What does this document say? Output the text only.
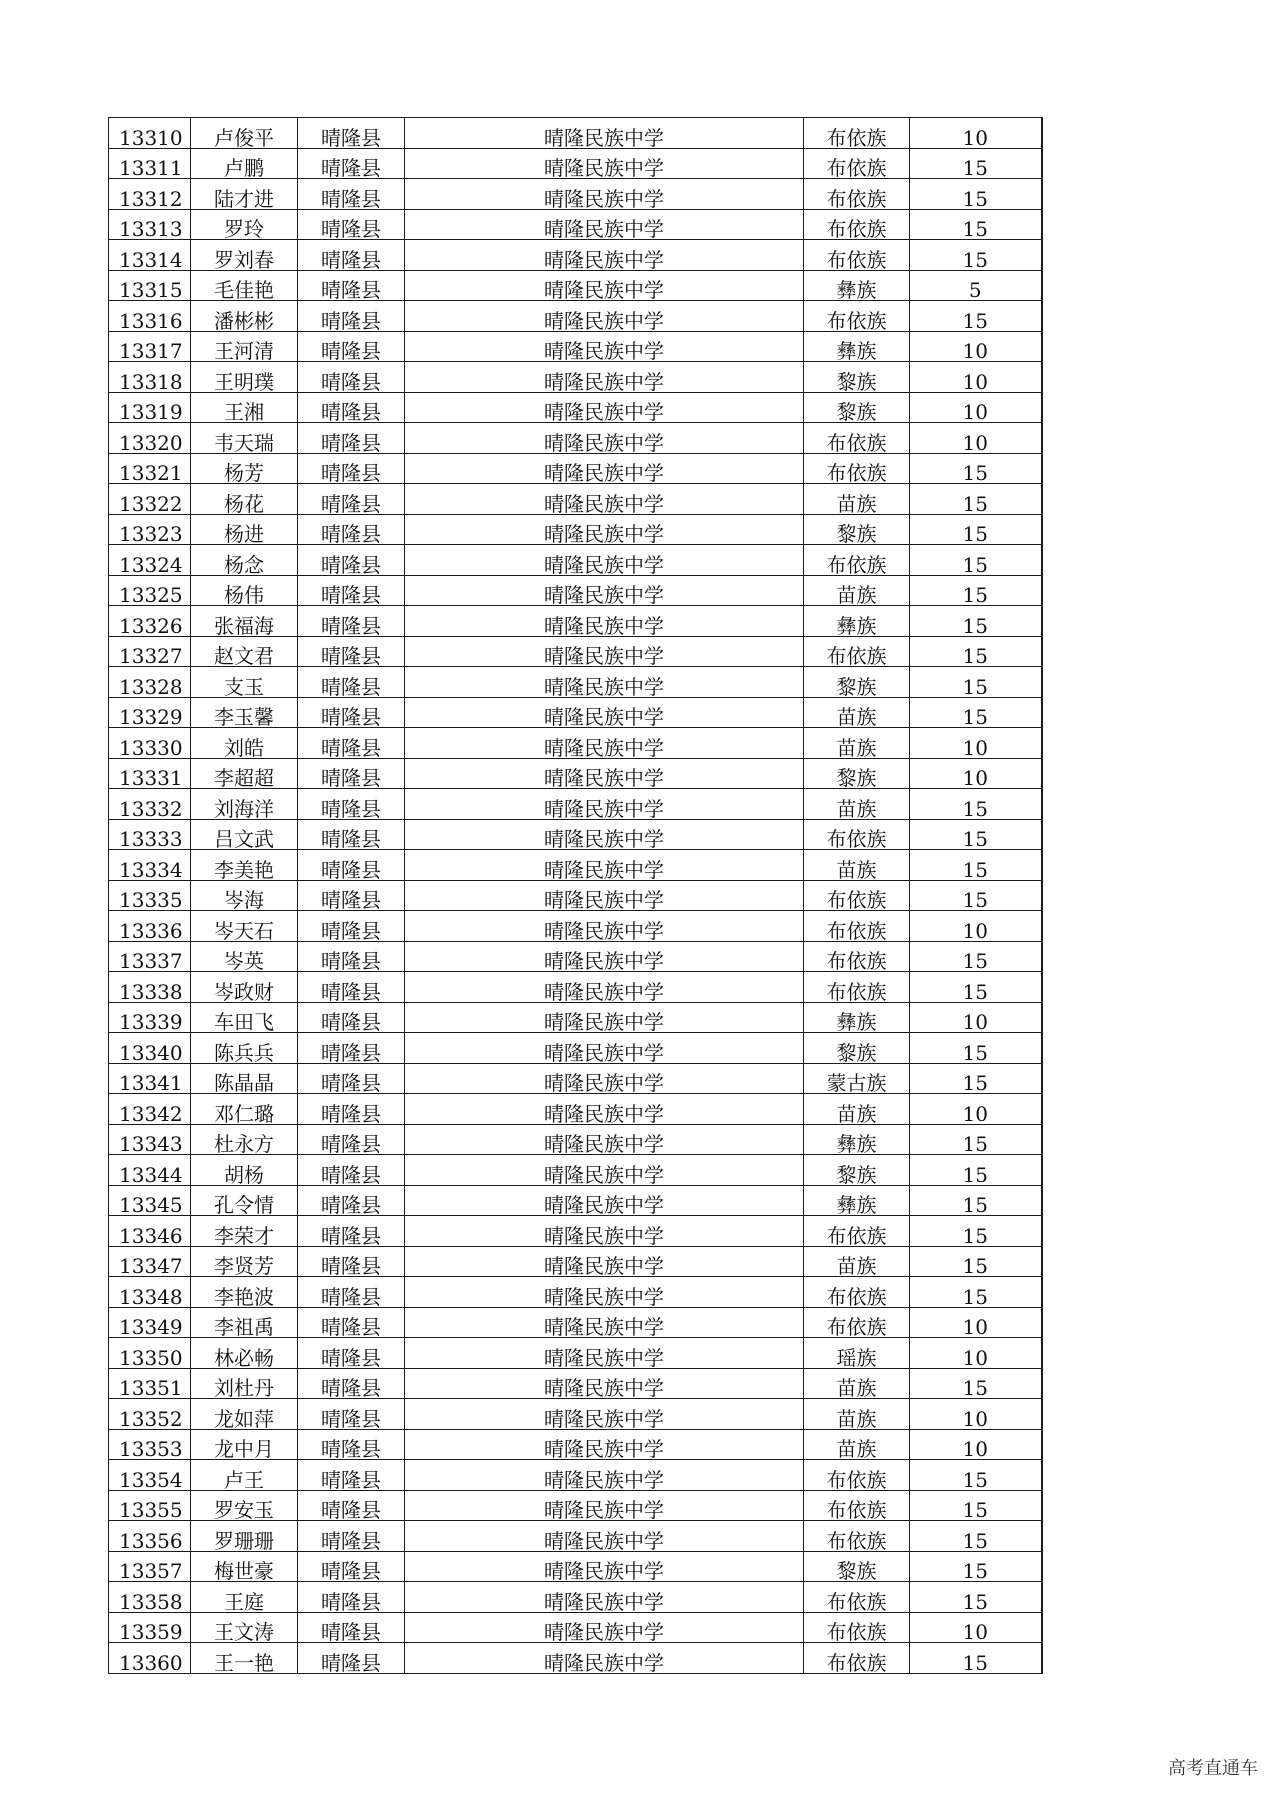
13310	卢俊平	晴隆县	晴隆民族中学	布依族	10
13311	卢鹏	晴隆县	晴隆民族中学	布依族	15
13312	陆才进	晴隆县	晴隆民族中学	布依族	15
13313	罗玲	晴隆县	晴隆民族中学	布依族	15
13314	罗刘春	晴隆县	晴隆民族中学	布依族	15
13315	毛佳艳	晴隆县	晴隆民族中学	彝族	5
13316	潘彬彬	晴隆县	晴隆民族中学	布依族	15
13317	王河清	晴隆县	晴隆民族中学	彝族	10
13318	王明璞	晴隆县	晴隆民族中学	黎族	10
13319	王湘	晴隆县	晴隆民族中学	黎族	10
13320	韦天瑞	晴隆县	晴隆民族中学	布依族	10
13321	杨芳	晴隆县	晴隆民族中学	布依族	15
13322	杨花	晴隆县	晴隆民族中学	苗族	15
13323	杨进	晴隆县	晴隆民族中学	黎族	15
13324	杨念	晴隆县	晴隆民族中学	布依族	15
13325	杨伟	晴隆县	晴隆民族中学	苗族	15
13326	张福海	晴隆县	晴隆民族中学	彝族	15
13327	赵文君	晴隆县	晴隆民族中学	布依族	15
13328	支玉	晴隆县	晴隆民族中学	黎族	15
13329	李玉馨	晴隆县	晴隆民族中学	苗族	15
13330	刘皓	晴隆县	晴隆民族中学	苗族	10
13331	李超超	晴隆县	晴隆民族中学	黎族	10
13332	刘海洋	晴隆县	晴隆民族中学	苗族	15
13333	吕文武	晴隆县	晴隆民族中学	布依族	15
13334	李美艳	晴隆县	晴隆民族中学	苗族	15
13335	岑海	晴隆县	晴隆民族中学	布依族	15
13336	岑天石	晴隆县	晴隆民族中学	布依族	10
13337	岑英	晴隆县	晴隆民族中学	布依族	15
13338	岑政财	晴隆县	晴隆民族中学	布依族	15
13339	车田飞	晴隆县	晴隆民族中学	彝族	10
13340	陈兵兵	晴隆县	晴隆民族中学	黎族	15
13341	陈晶晶	晴隆县	晴隆民族中学	蒙古族	15
13342	邓仁璐	晴隆县	晴隆民族中学	苗族	10
13343	杜永方	晴隆县	晴隆民族中学	彝族	15
13344	胡杨	晴隆县	晴隆民族中学	黎族	15
13345	孔令情	晴隆县	晴隆民族中学	彝族	15
13346	李荣才	晴隆县	晴隆民族中学	布依族	15
13347	李贤芳	晴隆县	晴隆民族中学	苗族	15
13348	李艳波	晴隆县	晴隆民族中学	布依族	15
13349	李祖禹	晴隆县	晴隆民族中学	布依族	10
13350	林必畅	晴隆县	晴隆民族中学	瑶族	10
13351	刘杜丹	晴隆县	晴隆民族中学	苗族	15
13352	龙如萍	晴隆县	晴隆民族中学	苗族	10
13353	龙中月	晴隆县	晴隆民族中学	苗族	10
13354	卢王	晴隆县	晴隆民族中学	布依族	15
13355	罗安玉	晴隆县	晴隆民族中学	布依族	15
13356	罗珊珊	晴隆县	晴隆民族中学	布依族	15
13357	梅世豪	晴隆县	晴隆民族中学	黎族	15
13358	王庭	晴隆县	晴隆民族中学	布依族	15
13359	王文涛	晴隆县	晴隆民族中学	布依族	10
13360	王一艳	晴隆县	晴隆民族中学	布依族	15
高考直通车
